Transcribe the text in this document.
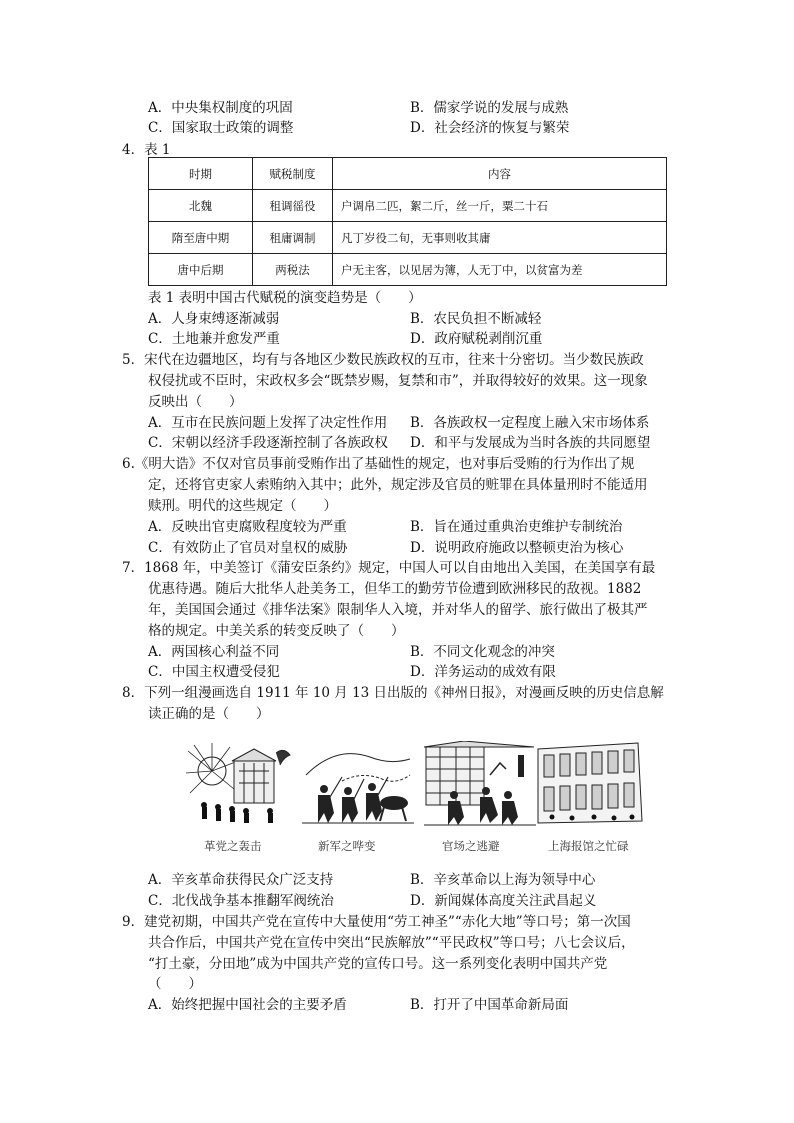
A．中央集权制度的巩固	B．儒家学说的发展与成熟
C．国家取士政策的调整	D．社会经济的恢复与繁荣
4．表 1
时期	赋税制度	内容
北魏	租调徭役	户调帛二匹，絮二斤，丝一斤，粟二十石
隋至唐中期	租庸调制	凡丁岁役二旬，无事则收其庸
唐中后期	两税法	户无主客，以见居为簿，人无丁中，以贫富为差
表 1 表明中国古代赋税的演变趋势是（　　）
A．人身束缚逐渐减弱	B．农民负担不断减轻
C．土地兼并愈发严重	D．政府赋税剥削沉重
5．宋代在边疆地区，均有与各地区少数民族政权的互市，往来十分密切。当少数民族政
权侵扰或不臣时，宋政权多会“既禁岁赐，复禁和市”，并取得较好的效果。这一现象
反映出（　　）
A．互市在民族问题上发挥了决定性作用 B．各族政权一定程度上融入宋市场体系
C．宋朝以经济手段逐渐控制了各族政权 D．和平与发展成为当时各族的共同愿望
6.《明大诰》不仅对官员事前受贿作出了基础性的规定，也对事后受贿的行为作出了规
定，还将官吏家人索贿纳入其中；此外，规定涉及官员的赃罪在具体量刑时不能适用
赎刑。明代的这些规定（　　）
A．反映出官吏腐败程度较为严重	B．旨在通过重典治吏维护专制统治
C．有效防止了官员对皇权的威胁	D．说明政府施政以整顿吏治为核心
7．1868 年，中美签订《蒲安臣条约》规定，中国人可以自由地出入美国，在美国享有最
优惠待遇。随后大批华人赴美务工，但华工的勤劳节俭遭到欧洲移民的敌视。1882
年，美国国会通过《排华法案》限制华人入境，并对华人的留学、旅行做出了极其严
格的规定。中美关系的转变反映了（　　）
A．两国核心利益不同	B．不同文化观念的冲突
C．中国主权遭受侵犯	D．洋务运动的成效有限
8．下列一组漫画选自 1911 年 10 月 13 日出版的《神州日报》，对漫画反映的历史信息解
读正确的是（　　）
革党之轰击	新军之哗变	官场之逃避	上海报馆之忙碌
A．辛亥革命获得民众广泛支持	B．辛亥革命以上海为领导中心
C．北伐战争基本推翻军阀统治	D．新闻媒体高度关注武昌起义
9．建党初期，中国共产党在宣传中大量使用“劳工神圣”“赤化大地”等口号；第一次国
共合作后，中国共产党在宣传中突出“民族解放”“平民政权”等口号；八七会议后，
“打土豪，分田地”成为中国共产党的宣传口号。这一系列变化表明中国共产党
（　　）
A．始终把握中国社会的主要矛盾	B．打开了中国革命新局面
